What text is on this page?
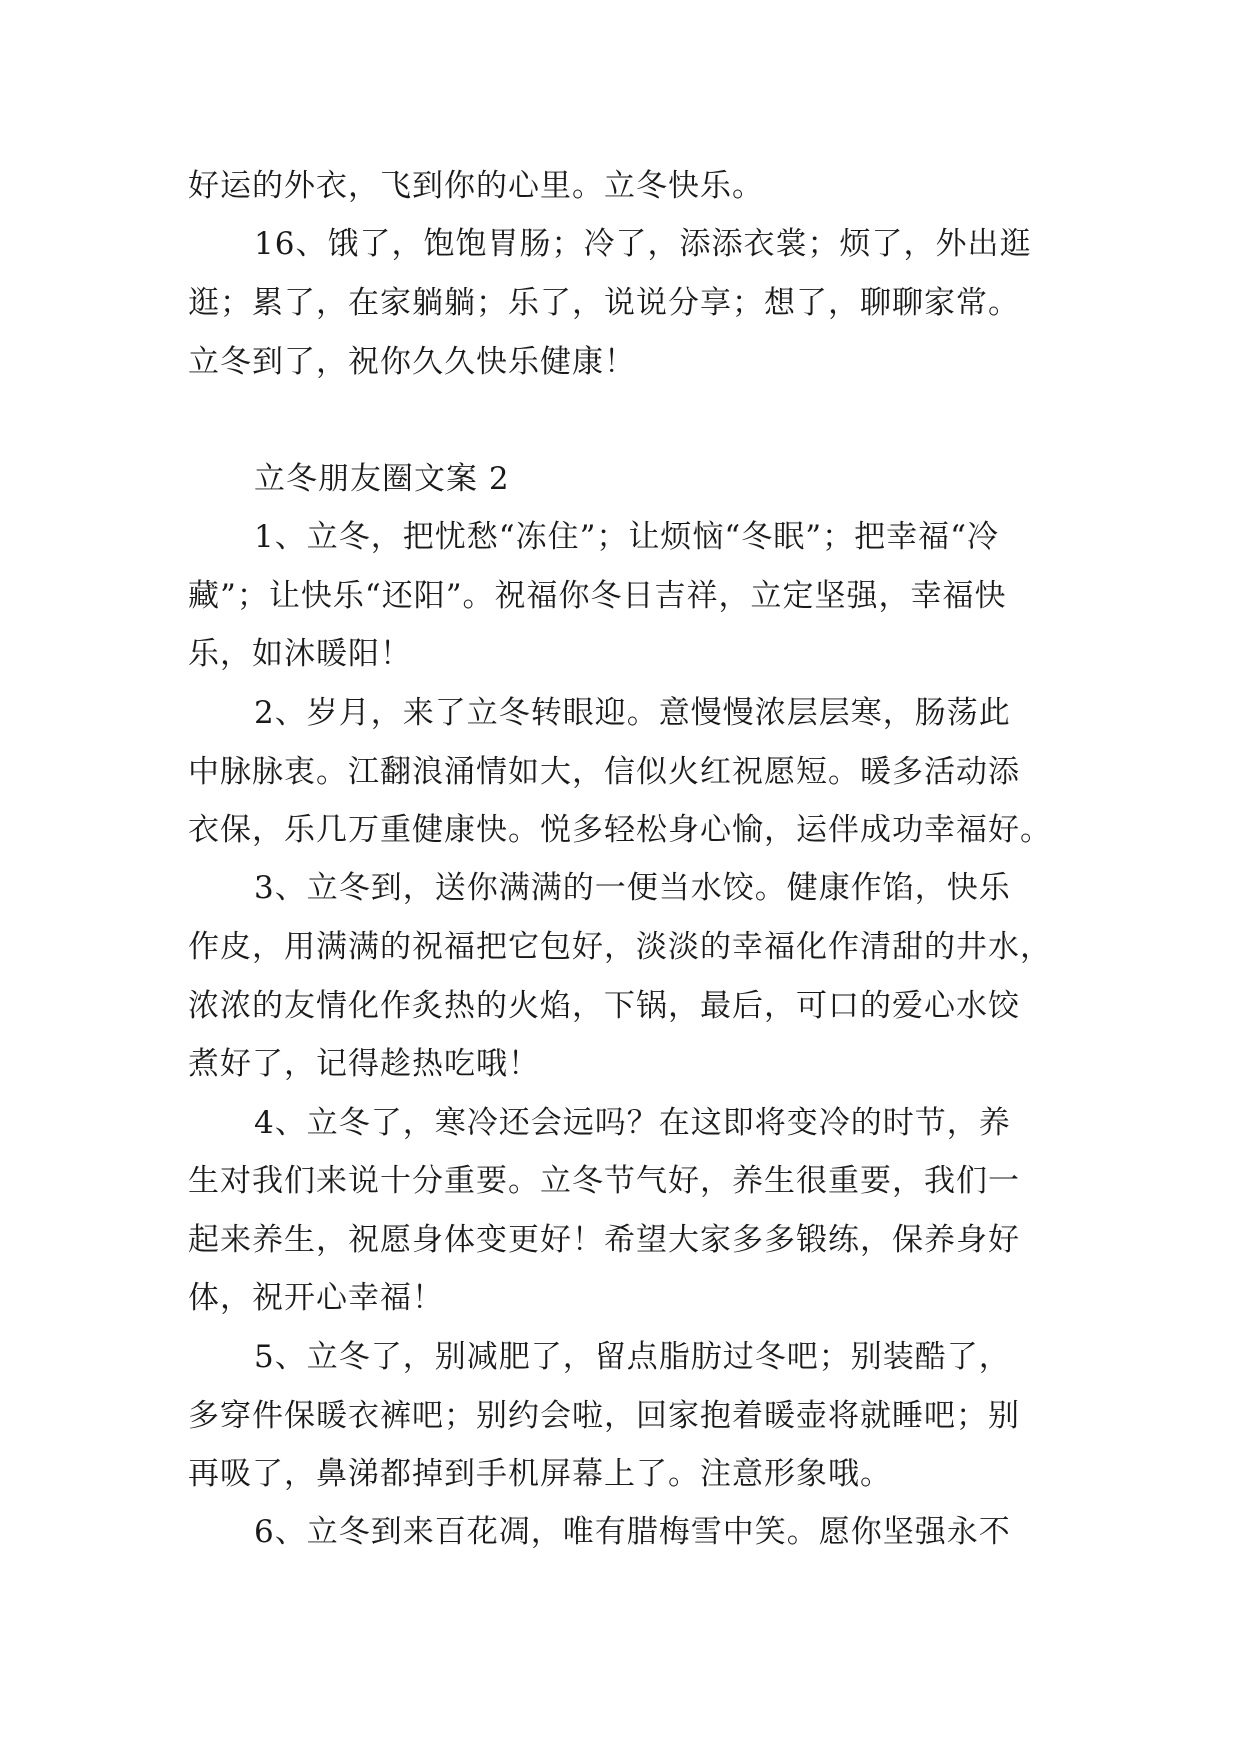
好运的外衣，飞到你的心里。立冬快乐。
16、饿了，饱饱胃肠；冷了，添添衣裳；烦了，外出逛
逛；累了，在家躺躺；乐了，说说分享；想了，聊聊家常。
立冬到了，祝你久久快乐健康！
立冬朋友圈文案 2
1、立冬，把忧愁“冻住”；让烦恼“冬眠”；把幸福“冷
藏”；让快乐“还阳”。祝福你冬日吉祥，立定坚强，幸福快
乐，如沐暖阳！
2、岁月，来了立冬转眼迎。意慢慢浓层层寒，肠荡此
中脉脉衷。江翻浪涌情如大，信似火红祝愿短。暖多活动添
衣保，乐几万重健康快。悦多轻松身心愉，运伴成功幸福好。
3、立冬到，送你满满的一便当水饺。健康作馅，快乐
作皮，用满满的祝福把它包好，淡淡的幸福化作清甜的井水，
浓浓的友情化作炙热的火焰，下锅，最后，可口的爱心水饺
煮好了，记得趁热吃哦！
4、立冬了，寒冷还会远吗？在这即将变冷的时节，养
生对我们来说十分重要。立冬节气好，养生很重要，我们一
起来养生，祝愿身体变更好！希望大家多多锻练，保养身好
体，祝开心幸福！
5、立冬了，别减肥了，留点脂肪过冬吧；别装酷了，
多穿件保暖衣裤吧；别约会啦，回家抱着暖壶将就睡吧；别
再吸了，鼻涕都掉到手机屏幕上了。注意形象哦。
6、立冬到来百花凋，唯有腊梅雪中笑。愿你坚强永不
